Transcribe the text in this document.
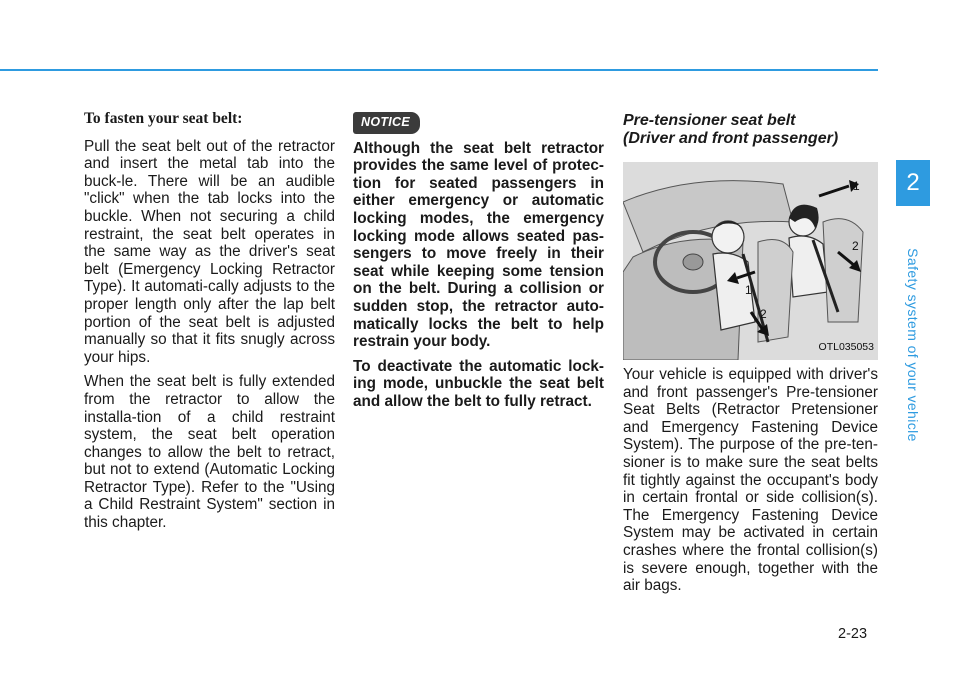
To fasten your seat belt:

Pull the seat belt out of the retractor and insert the metal tab into the buck-le. There will be an audible "click" when the tab locks into the buckle. When not securing a child restraint, the seat belt operates in the same way as the driver's seat belt (Emergency Locking Retractor Type). It automati-cally adjusts to the proper length only after the lap belt portion of the seat belt is adjusted manually so that it fits snugly across your hips.

When the seat belt is fully extended from the retractor to allow the installa-tion of a child restraint system, the seat belt operation changes to allow the belt to retract, but not to extend (Automatic Locking Retractor Type). Refer to the "Using a Child Restraint System" section in this chapter.

NOTICE

Although the seat belt retractor provides the same level of protec-tion for seated passengers in either emergency or automatic locking modes, the emergency locking mode allows seated pas-sengers to move freely in their seat while keeping some tension on the belt. During a collision or sudden stop, the retractor auto-matically locks the belt to help restrain your body.

To deactivate the automatic lock-ing mode, unbuckle the seat belt and allow the belt to fully retract.

Pre-tensioner seat belt
(Driver and front passenger)
1
2
1
2
OTL035053

Your vehicle is equipped with driver's and front passenger's Pre-tensioner Seat Belts (Retractor Pretensioner and Emergency Fastening Device System). The purpose of the pre-ten-sioner is to make sure the seat belts fit tightly against the occupant's body in certain frontal or side collision(s). The Emergency Fastening Device System may be activated in certain crashes where the frontal collision(s) is severe enough, together with the air bags.

2
Safety system of your vehicle
2-23
